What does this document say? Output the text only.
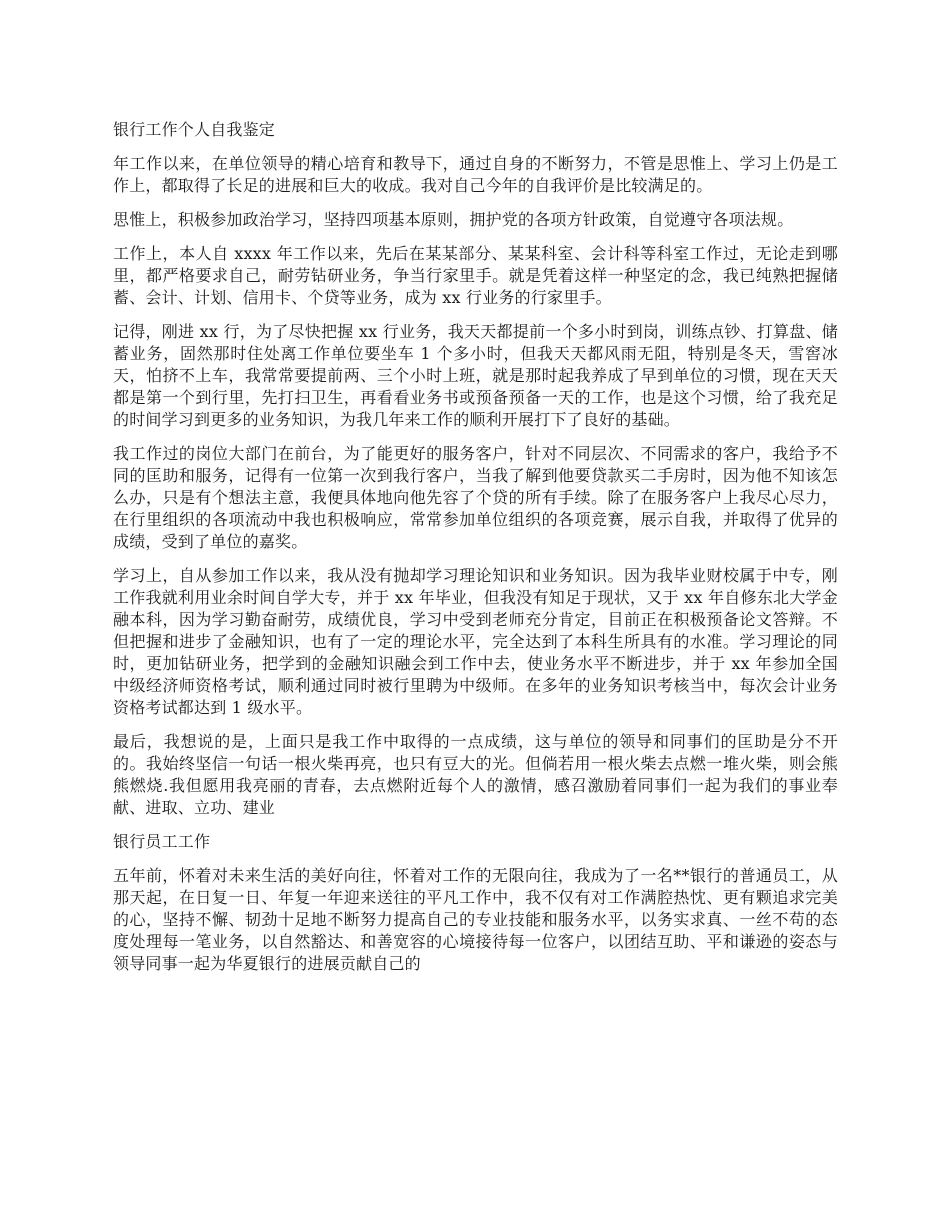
银行工作个人自我鉴定

年工作以来，在单位领导的精心培育和教导下，通过自身的不断努力，不管是思惟上、学习上仍是工作上，都取得了长足的进展和巨大的收成。我对自己今年的自我评价是比较满足的。

思惟上，积极参加政治学习，坚持四项基本原则，拥护党的各项方针政策，自觉遵守各项法规。

工作上，本人自 xxxx 年工作以来，先后在某某部分、某某科室、会计科等科室工作过，无论走到哪里，都严格要求自己，耐劳钻研业务，争当行家里手。就是凭着这样一种坚定的念，我已纯熟把握储蓄、会计、计划、信用卡、个贷等业务，成为 xx 行业务的行家里手。

记得，刚进 xx 行，为了尽快把握 xx 行业务，我天天都提前一个多小时到岗，训练点钞、打算盘、储蓄业务，固然那时住处离工作单位要坐车 1 个多小时，但我天天都风雨无阻，特别是冬天，雪窖冰天，怕挤不上车，我常常要提前两、三个小时上班，就是那时起我养成了早到单位的习惯，现在天天都是第一个到行里，先打扫卫生，再看看业务书或预备预备一天的工作，也是这个习惯，给了我充足的时间学习到更多的业务知识，为我几年来工作的顺利开展打下了良好的基础。

我工作过的岗位大部门在前台，为了能更好的服务客户，针对不同层次、不同需求的客户，我给予不同的匡助和服务，记得有一位第一次到我行客户，当我了解到他要贷款买二手房时，因为他不知该怎么办，只是有个想法主意，我便具体地向他先容了个贷的所有手续。除了在服务客户上我尽心尽力，在行里组织的各项流动中我也积极响应，常常参加单位组织的各项竞赛，展示自我，并取得了优异的成绩，受到了单位的嘉奖。

学习上，自从参加工作以来，我从没有抛却学习理论知识和业务知识。因为我毕业财校属于中专，刚工作我就利用业余时间自学大专，并于 xx 年毕业，但我没有知足于现状，又于 xx 年自修东北大学金融本科，因为学习勤奋耐劳，成绩优良，学习中受到老师充分肯定，目前正在积极预备论文答辩。不但把握和进步了金融知识，也有了一定的理论水平，完全达到了本科生所具有的水准。学习理论的同时，更加钻研业务，把学到的金融知识融会到工作中去，使业务水平不断进步，并于 xx 年参加全国中级经济师资格考试，顺利通过同时被行里聘为中级师。在多年的业务知识考核当中，每次会计业务资格考试都达到 1 级水平。

最后，我想说的是，上面只是我工作中取得的一点成绩，这与单位的领导和同事们的匡助是分不开的。我始终坚信一句话一根火柴再亮，也只有豆大的光。但倘若用一根火柴去点燃一堆火柴，则会熊熊燃烧.我但愿用我亮丽的青春，去点燃附近每个人的激情，感召激励着同事们一起为我们的事业奉献、进取、立功、建业

银行员工工作

五年前，怀着对未来生活的美好向往，怀着对工作的无限向往，我成为了一名**银行的普通员工，从那天起，在日复一日、年复一年迎来送往的平凡工作中，我不仅有对工作满腔热忱、更有颗追求完美的心，坚持不懈、韧劲十足地不断努力提高自己的专业技能和服务水平，以务实求真、一丝不苟的态度处理每一笔业务，以自然豁达、和善宽容的心境接待每一位客户，以团结互助、平和谦逊的姿态与领导同事一起为华夏银行的进展贡献自己的
